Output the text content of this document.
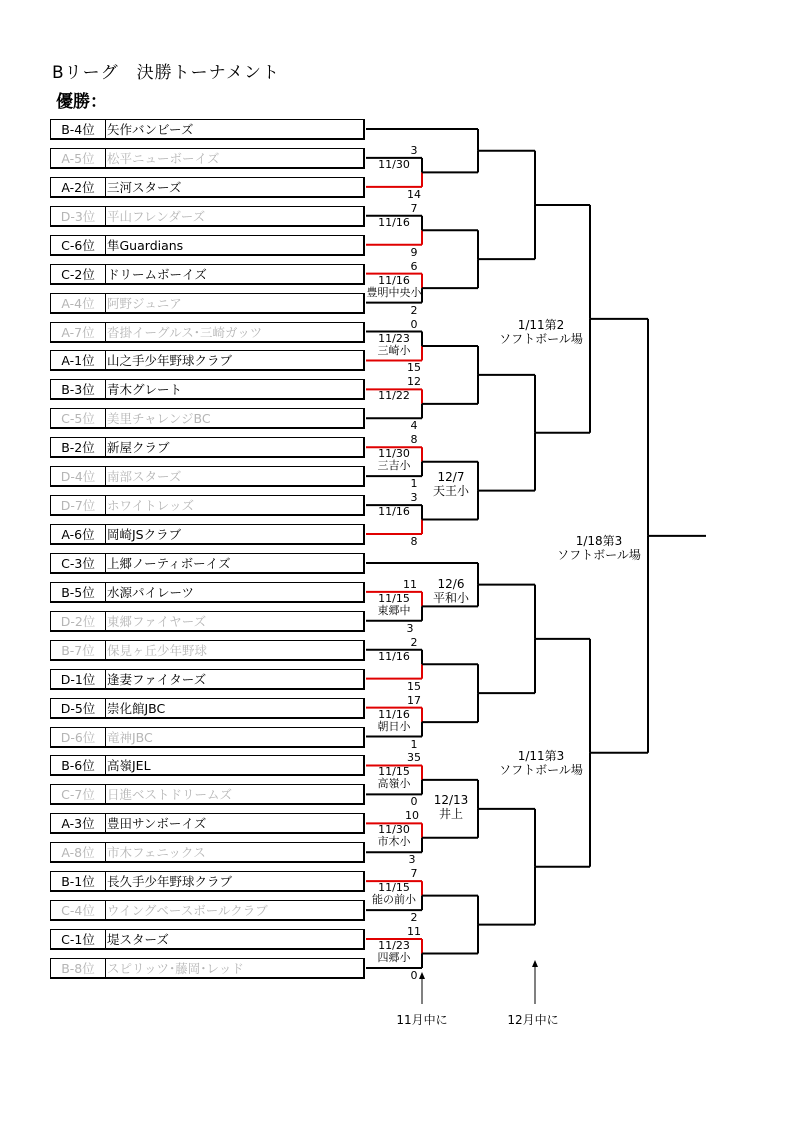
Bリーグ　決勝トーナメント
優勝：
B-4位 矢作バンビーズ
A-5位 松平ニューボーイズ
A-2位 三河スターズ
D-3位 平山フレンダーズ
C-6位 隼Guardians
C-2位 ドリームボーイズ
A-4位 阿野ジュニア
A-7位 沓掛イーグルス･三崎ガッツ
A-1位 山之手少年野球クラブ
B-3位 青木グレート
C-5位 美里チャレンジBC
B-2位 新屋クラブ
D-4位 南部スターズ
D-7位 ホワイトレッズ
A-6位 岡崎JSクラブ
C-3位 上郷ノーティボーイズ
B-5位 水源パイレーツ
D-2位 東郷ファイヤーズ
B-7位 保見ヶ丘少年野球
D-1位 逢妻ファイターズ
D-5位 崇化館JBC
D-6位 竜神JBC
B-6位 高嶺JEL
C-7位 日進ベストドリームズ
A-3位 豊田サンボーイズ
A-8位 市木フェニックス
B-1位 長久手少年野球クラブ
C-4位 ウイングベースボールクラブ
C-1位 堤スターズ
B-8位 スピリッツ･藤岡･レッド
3
11/30
14
7
11/16
9
6
11/16
豊明中央小
2
0
11/23
三崎小
15
12
11/22
4
8
11/30
三吉小
1
3
11/16
8
11
11/15
東郷中
3
2
11/16
15
17
11/16
朝日小
1
35
11/15
高嶺小
0
10
11/30
市木小
3
7
11/15
能の前小
2
11
11/23
四郷小
0
12/7
天王小
12/6
平和小
12/13
井上
1/11第2
ソフトボール場
1/11第3
ソフトボール場
1/18第3
ソフトボール場
11月中に	12月中に
